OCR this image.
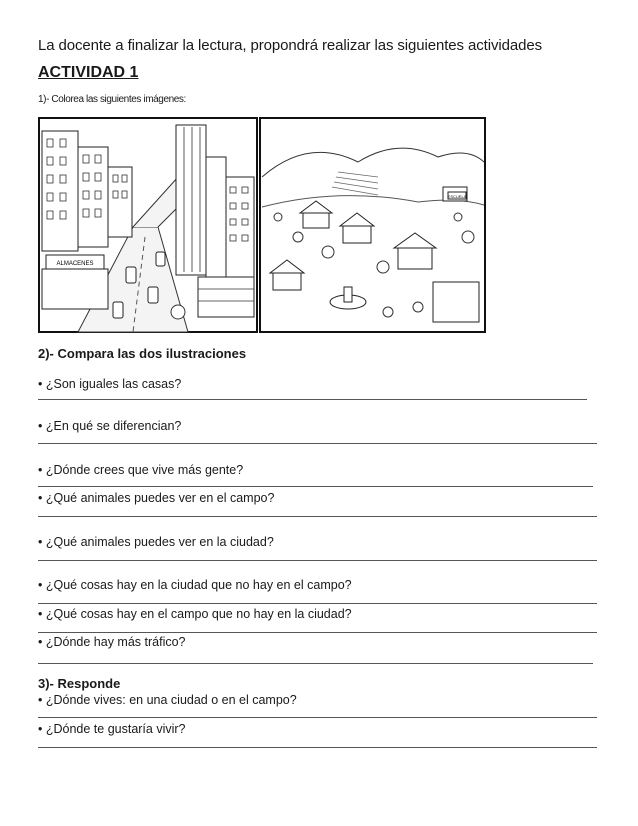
La docente a finalizar la lectura, propondrá realizar las siguientes actividades
ACTIVIDAD 1
1)- Colorea las siguientes imágenes:
ALMACENES
ESCUELA
2)- Compara las dos ilustraciones
• ¿Son iguales las casas?
• ¿En qué se diferencian?
• ¿Dónde crees que vive más gente?
• ¿Qué animales puedes ver en el campo?
• ¿Qué animales puedes ver en la ciudad?
• ¿Qué cosas hay en la ciudad que no hay en el campo?
• ¿Qué cosas hay en el campo que no hay en la ciudad?
• ¿Dónde hay más tráfico?
3)- Responde
• ¿Dónde vives: en una ciudad o en el campo?
• ¿Dónde te gustaría vivir?
